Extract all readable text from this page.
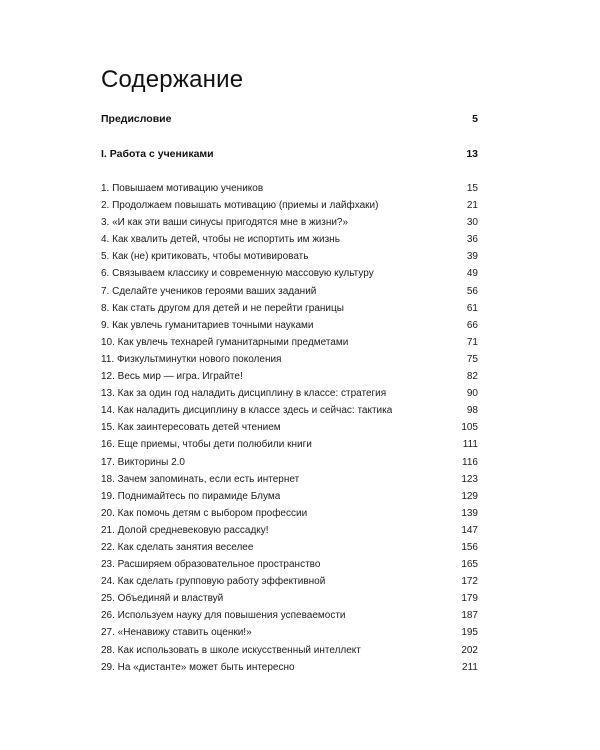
Содержание
Предисловие	5
I. Работа с учениками	13
1. Повышаем мотивацию учеников	15
2. Продолжаем повышать мотивацию (приемы и лайфхаки)	21
3. «И как эти ваши синусы пригодятся мне в жизни?»	30
4. Как хвалить детей, чтобы не испортить им жизнь	36
5. Как (не) критиковать, чтобы мотивировать	39
6. Связываем классику и современную массовую культуру	49
7. Сделайте учеников героями ваших заданий	56
8. Как стать другом для детей и не перейти границы	61
9. Как увлечь гуманитариев точными науками	66
10. Как увлечь технарей гуманитарными предметами	71
11. Физкультминутки нового поколения	75
12. Весь мир — игра. Играйте!	82
13. Как за один год наладить дисциплину в классе: стратегия	90
14. Как наладить дисциплину в классе здесь и сейчас: тактика	98
15. Как заинтересовать детей чтением	105
16. Еще приемы, чтобы дети полюбили книги	111
17. Викторины 2.0	116
18. Зачем запоминать, если есть интернет	123
19. Поднимайтесь по пирамиде Блума	129
20. Как помочь детям с выбором профессии	139
21. Долой средневековую рассадку!	147
22. Как сделать занятия веселее	156
23. Расширяем образовательное пространство	165
24. Как сделать групповую работу эффективной	172
25. Объединяй и властвуй	179
26. Используем науку для повышения успеваемости	187
27. «Ненавижу ставить оценки!»	195
28. Как использовать в школе искусственный интеллект	202
29. На «дистанте» может быть интересно	211
